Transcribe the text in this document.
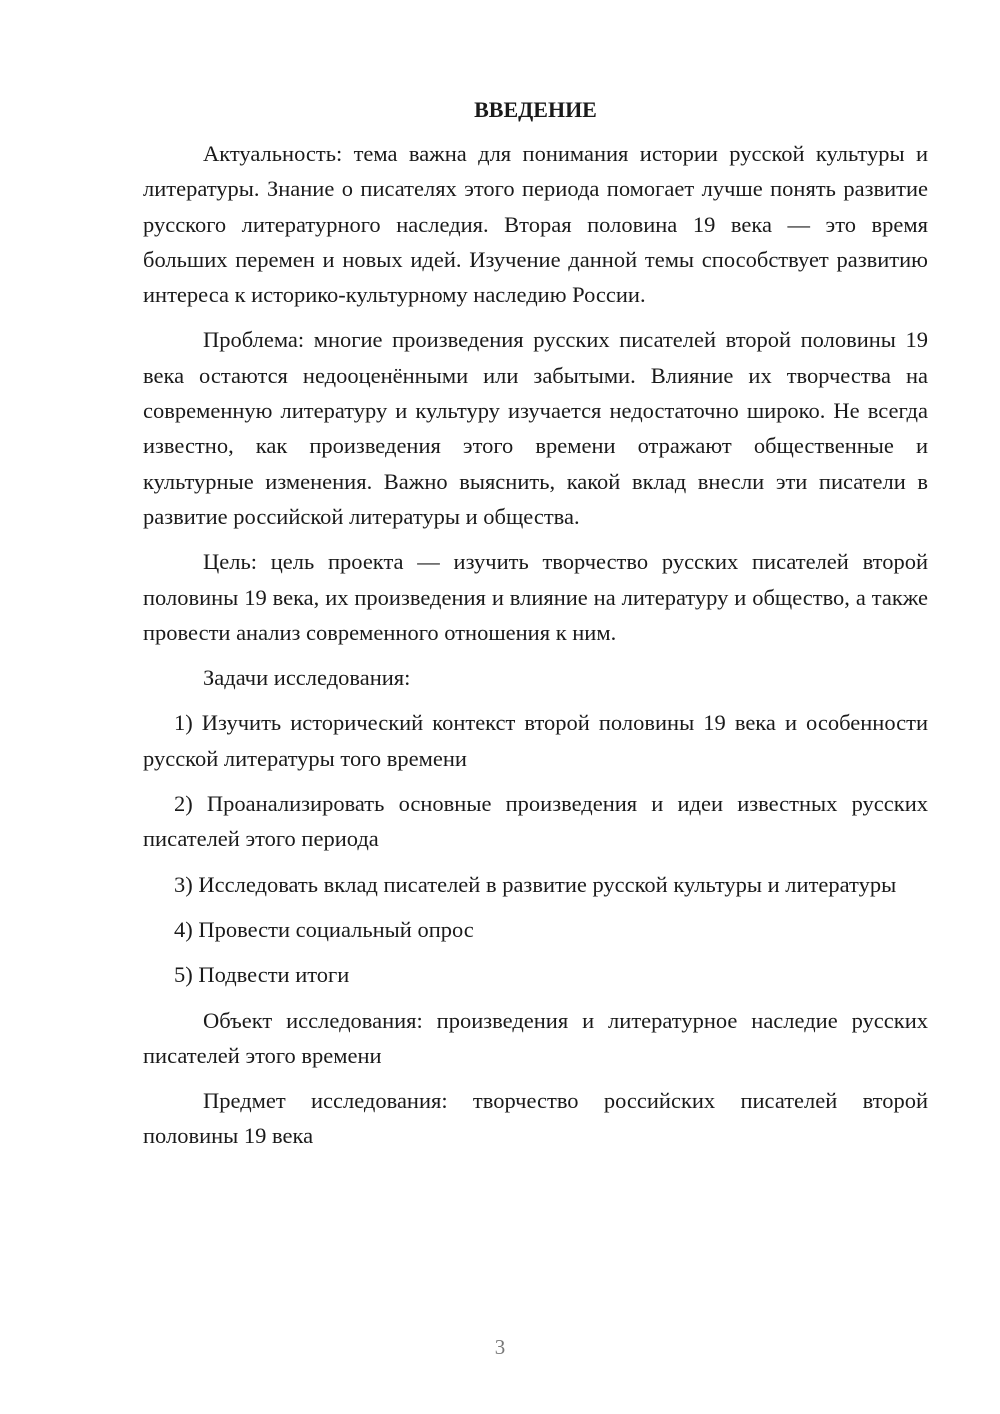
ВВЕДЕНИЕ

Актуальность: тема важна для понимания истории русской культуры и литературы. Знание о писателях этого периода помогает лучше понять развитие русского литературного наследия. Вторая половина 19 века — это время больших перемен и новых идей. Изучение данной темы способствует развитию интереса к историко-культурному наследию России.

Проблема: многие произведения русских писателей второй половины 19 века остаются недооценёнными или забытыми. Влияние их творчества на современную литературу и культуру изучается недостаточно широко. Не всегда известно, как произведения этого времени отражают общественные и культурные изменения. Важно выяснить, какой вклад внесли эти писатели в развитие российской литературы и общества.

Цель: цель проекта — изучить творчество русских писателей второй половины 19 века, их произведения и влияние на литературу и общество, а также провести анализ современного отношения к ним.

Задачи исследования:

1) Изучить исторический контекст второй половины 19 века и особенности русской литературы того времени

2) Проанализировать основные произведения и идеи известных русских писателей этого периода

3) Исследовать вклад писателей в развитие русской культуры и литературы

4) Провести социальный опрос

5) Подвести итоги

Объект исследования: произведения и литературное наследие русских писателей этого времени

Предмет исследования: творчество российских писателей второй половины 19 века

3
